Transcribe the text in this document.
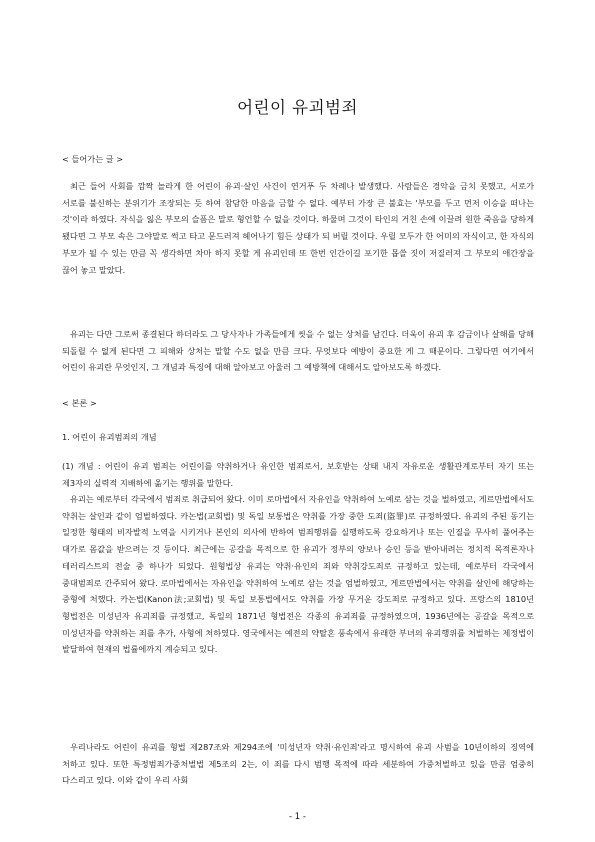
어린이 유괴범죄
< 들어가는 글 >
최근 들어 사회를 깜짝 놀라게 한 어린이 유괴·살인 사건이 연거푸 두 차례나 발생했다. 사람들은 경악을 금치 못했고, 서로가 서로를 불신하는 분위기가 조장되는 듯 하여 참담한 마음을 금할 수 없다. 예부터 가장 큰 불효는 '부모를 두고 먼저 이승을 떠나는 것'이라 하였다. 자식을 잃은 부모의 슬픔은 말로 형언할 수 없을 것이다. 하물며 그것이 타인의 거친 손에 이끌려 원한 죽음을 당하게 됐다면 그 부모 속은 그야말로 썩고 타고 문드러져 헤어나기 힘든 상태가 되 버릴 것이다. 우릴 모두가 한 어미의 자식이고, 한 자식의 부모가 될 수 있는 만큼 꼭 생각하면 차마 하지 못할 게 유괴인데 또 한번 인간이길 포기한 몹쓸 짓이 저질러져 그 부모의 애간장을 끊어 놓고 말았다.
유괴는 다만 그로써 종결된다 하더라도 그 당사자나 가족들에게 씻을 수 없는 상처를 남긴다. 더욱이 유괴 후 감금이나 살해를 당해 되돌릴 수 없게 된다면 그 피해와 상처는 말할 수도 없을 만큼 크다. 무엇보다 예방이 중요한 게 그 때문이다. 그렇다면 여기에서 어린이 유괴란 무엇인지, 그 개념과 특징에 대해 알아보고 아울러 그 예방책에 대해서도 알아보도록 하겠다.
< 본론 >
1. 어린이 유괴범죄의 개념
(1) 개념 : 어린이 유괴 범죄는 어린이를 약취하거나 유인한 범죄로서, 보호받는 상태 내지 자유로운 생활관계로부터 자기 또는 제3자의 실력적 지배하에 옮기는 행위를 말한다.
유괴는 예로부터 각국에서 범죄로 취급되어 왔다. 이미 로마법에서 자유인을 약취하여 노예로 삼는 것을 벌하였고, 게르만법에서도 약취는 살인과 같이 엄벌하였다. 카논법(교회법) 및 독일 보통법은 약취를 가장 중한 도죄(盜罪)로 규정하였다. 유괴의 주된 동기는 일정한 형태의 비자발적 노역을 시키거나 본인의 의사에 반하여 범죄행위를 실행하도록 강요하거나 또는 인질을 무사히 풀어주는 대가로 몸값을 받으려는 것 등이다. 최근에는 공갈을 목적으로 한 유괴가 정부의 양보나 승인 등을 받아내려는 정치적 목적론자나 테러리스트의 전술 중 하나가 되었다. 원형법상 유괴는 약취·유인의 죄와 약취강도죄로 규정하고 있는데, 예로부터 각국에서 중대범죄로 간주되어 왔다. 로마법에서는 자유인을 약취하여 노예로 삼는 것을 엄벌하였고, 게르만법에서는 약취를 살인에 해당하는 중형에 처했다. 카논법(Kanon法;교회법) 및 독일 보통법에서도 약취를 가장 무거운 강도죄로 규정하고 있다. 프랑스의 1810년 형법전은 미성년자 유괴죄를 규정했고, 독일의 1871년 형법전은 각종의 유괴죄를 규정하였으며, 1936년에는 공갈을 목적으로 미성년자를 약취하는 죄를 추가, 사형에 처하였다. 영국에서는 예전의 약탈혼 풍속에서 유래한 부녀의 유괴행위를 처벌하는 제정법이 발달하여 현재의 법률에까지 계승되고 있다.
우리나라도 어린이 유괴를 형법 제287조와 제294조에 '미성년자 약취·유인죄'라고 명시하여 유괴 사범을 10년이하의 징역에 처하고 있다. 또한 특정범죄가중처벌법 제5조의 2는, 이 죄를 다시 범행 목적에 따라 세분하여 가중처벌하고 있을 만큼 엄중히 다스리고 있다. 이와 같이 우리 사회
- 1 -
